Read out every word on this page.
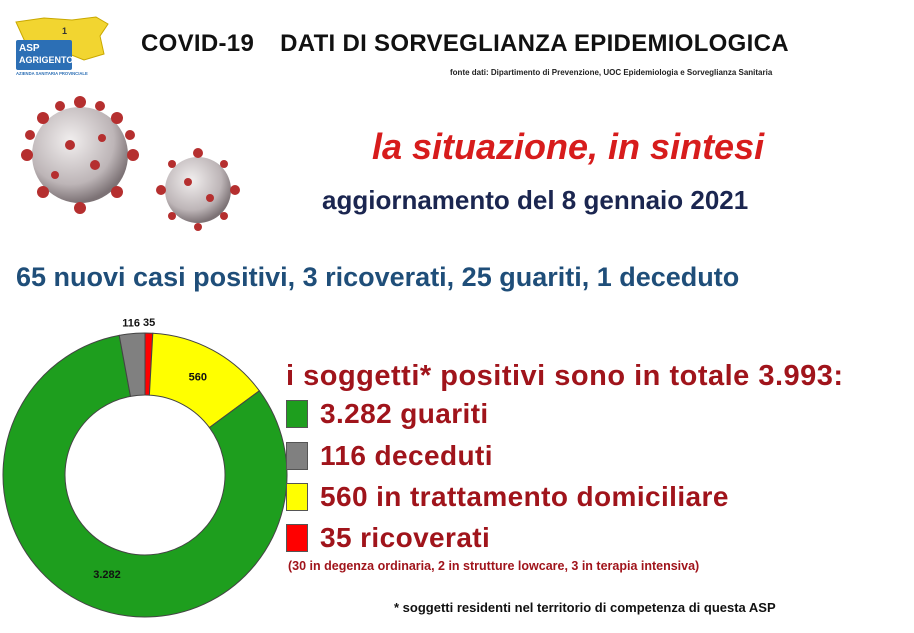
ASP
AGRIGENTO
1
AZIENDA SANITARIA PROVINCIALE
COVID-19 DATI DI SORVEGLIANZA EPIDEMIOLOGICA
fonte dati: Dipartimento di Prevenzione, UOC Epidemiologia e Sorveglianza Sanitaria
la situazione, in sintesi
aggiornamento del 8 gennaio 2021
65 nuovi casi positivi, 3 ricoverati, 25 guariti, 1 deceduto
35
560
3.282
116
i soggetti* positivi sono in totale 3.993:
3.282 guariti
116 deceduti
560 in trattamento domiciliare
35 ricoverati
(30 in degenza ordinaria, 2 in strutture lowcare, 3 in terapia intensiva)
* soggetti residenti nel territorio di competenza di questa ASP
